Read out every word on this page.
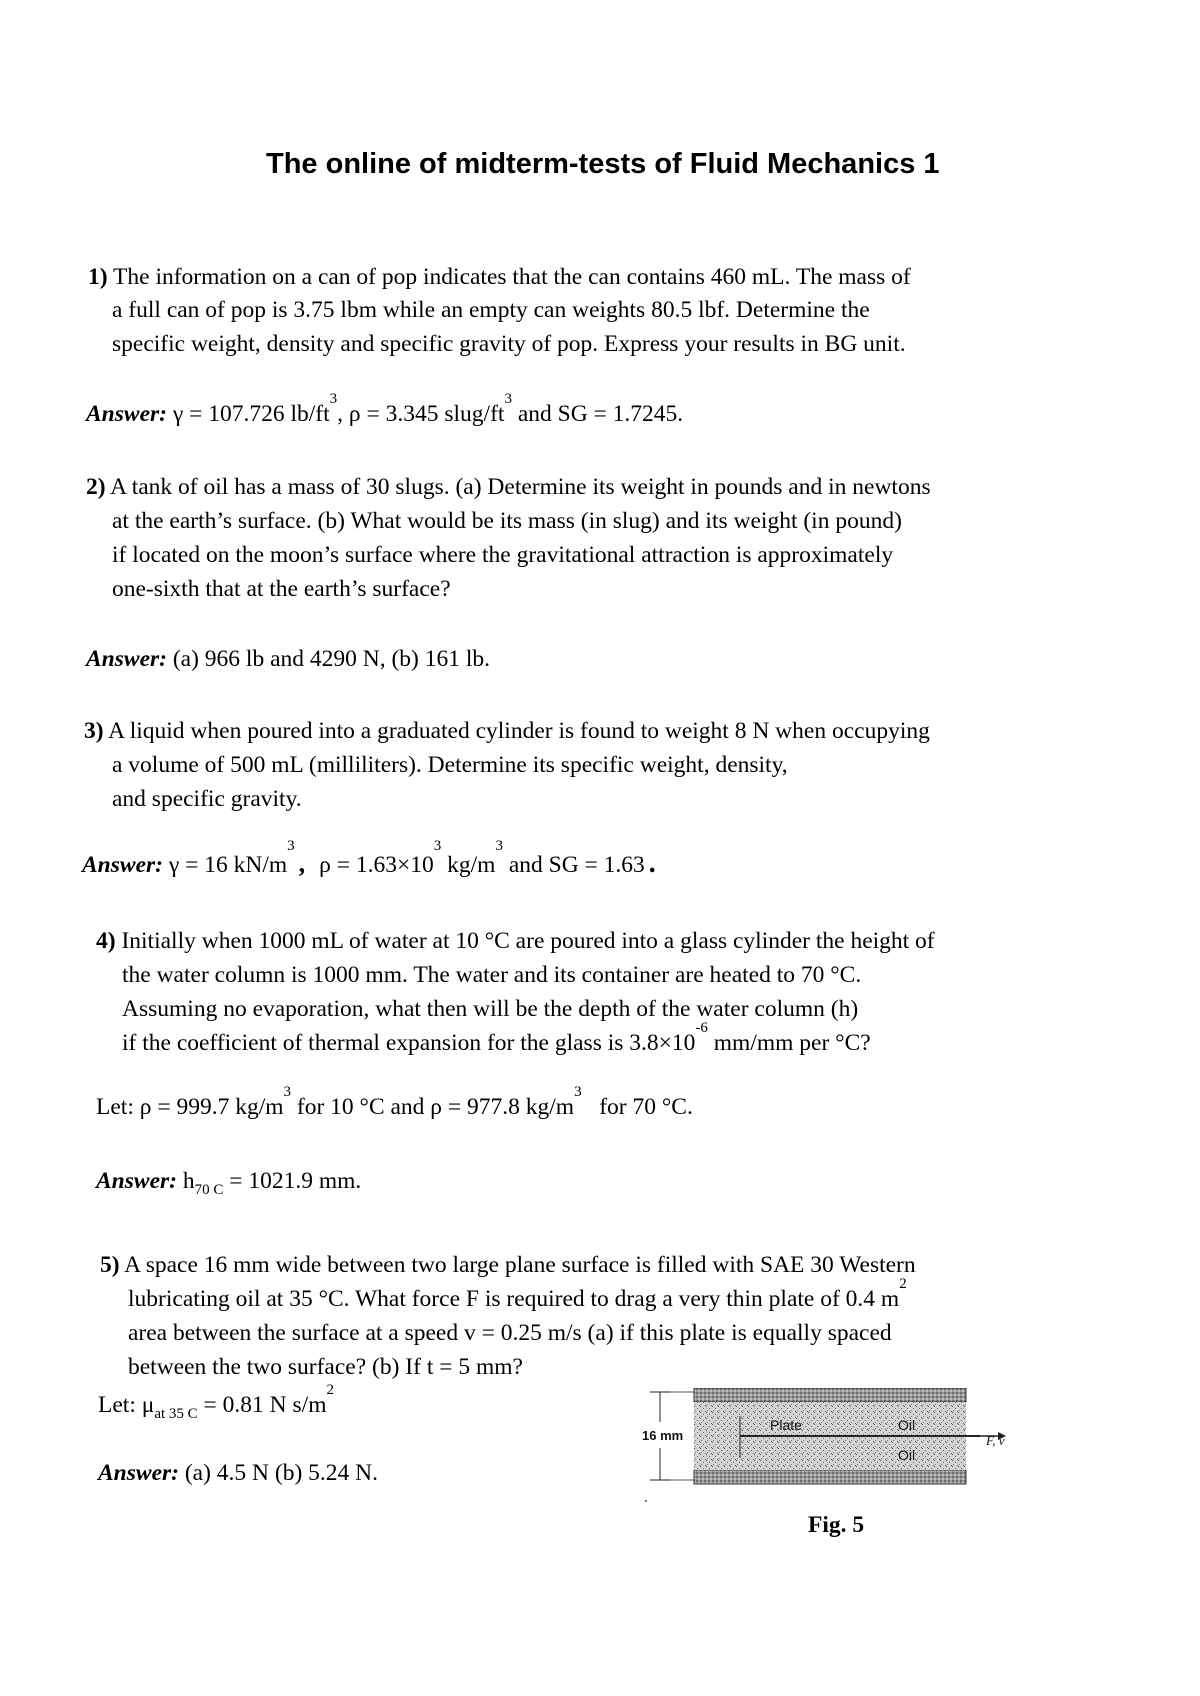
The online of midterm-tests of Fluid Mechanics 1
1) The information on a can of pop indicates that the can contains 460 mL. The mass of
a full can of pop is 3.75 lbm while an empty can weights 80.5 lbf. Determine the
specific weight, density and specific gravity of pop. Express your results in BG unit.
Answer: γ = 107.726 $lb/ft^3$, ρ = 3.345 slug/$ft^3$ and SG = 1.7245.
2) A tank of oil has a mass of 30 slugs. (a) Determine its weight in pounds and in newtons
at the earth’s surface. (b) What would be its mass (in slug) and its weight (in pound)
if located on the moon’s surface where the gravitational attraction is approximately
one-sixth that at the earth’s surface?
Answer: (a) 966 lb and 4290 N, (b) 161 lb.
3) A liquid when poured into a graduated cylinder is found to weight 8 N when occupying
a volume of 500 mL (milliliters). Determine its specific weight, density,
and specific gravity.
Answer: γ = 16 $kN/m^3$, $\rho = 1.63\times 10^3$ $kg/m^3$ and SG = 1.63 .
4) Initially when 1000 mL of water at 10 °C are poured into a glass cylinder the height of
the water column is 1000 mm. The water and its container are heated to 70 °C.
Assuming no evaporation, what then will be the depth of the water column (h)
if the coefficient of thermal expansion for the glass is $3.8\times 10^{-6}$ mm/mm per °C?
Let: ρ = 999.7 $kg/m^3$ for 10 °C and ρ = 977.8 $kg/m^3$   for 70 °C.
Answer: $h_{70 C} = 1021.9$ mm.
5) A space 16 mm wide between two large plane surface is filled with SAE 30 Western
lubricating oil at 35 °C. What force F is required to drag a very thin plate of 0.4 $m^2$
area between the surface at a speed v = 0.25 m/s (a) if this plate is equally spaced
between the two surface? (b) If t = 5 mm?
Let: $\mu_{at 35 C} = 0.81$ N $s/m^2$
Answer: (a) 4.5 N (b) 5.24 N.
16 mm
Plate	Oil
Oil
F, v
Fig. 5
